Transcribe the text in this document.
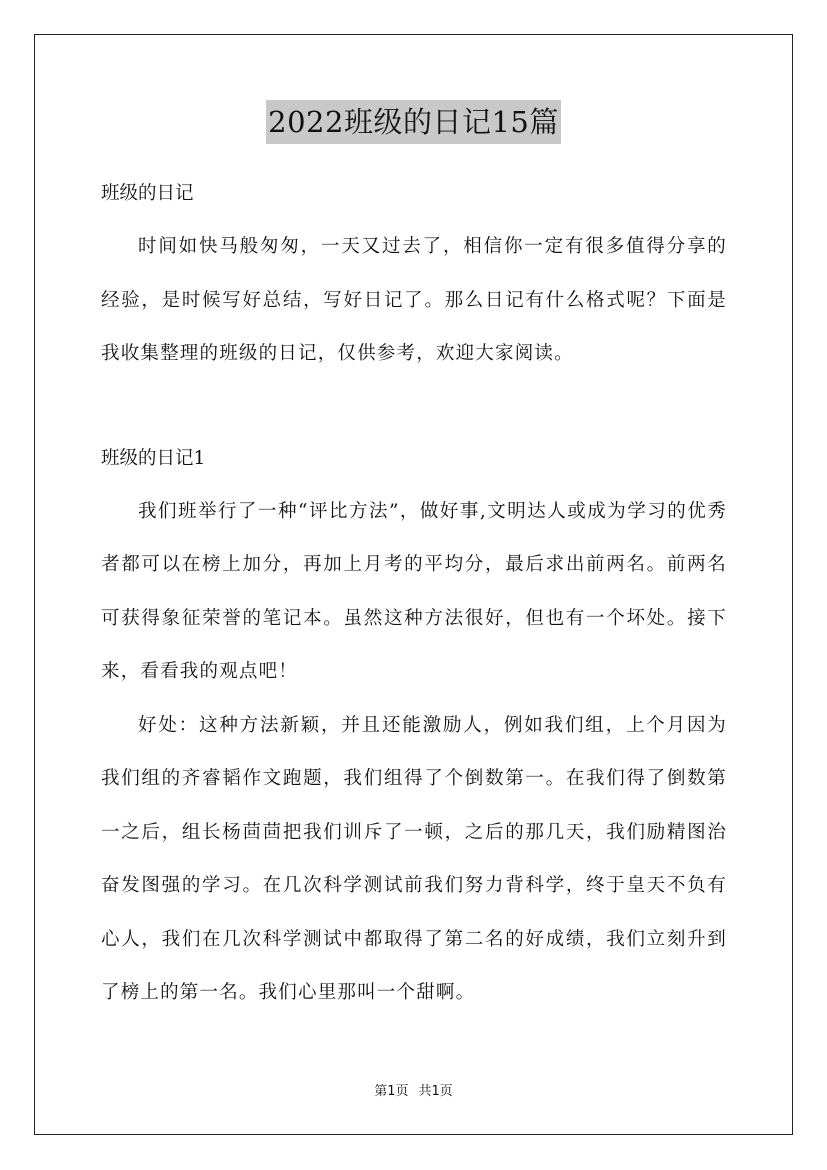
2022班级的日记15篇

班级的日记

时间如快马般匆匆，一天又过去了，相信你一定有很多值得分享的经验，是时候写好总结，写好日记了。那么日记有什么格式呢？下面是我收集整理的班级的日记，仅供参考，欢迎大家阅读。

班级的日记1

我们班举行了一种“评比方法”，做好事,文明达人或成为学习的优秀者都可以在榜上加分，再加上月考的平均分，最后求出前两名。前两名可获得象征荣誉的笔记本。虽然这种方法很好，但也有一个坏处。接下来，看看我的观点吧！

好处：这种方法新颖，并且还能激励人，例如我们组，上个月因为我们组的齐睿韬作文跑题，我们组得了个倒数第一。在我们得了倒数第一之后，组长杨茴茴把我们训斥了一顿，之后的那几天，我们励精图治奋发图强的学习。在几次科学测试前我们努力背科学，终于皇天不负有心人，我们在几次科学测试中都取得了第二名的好成绩，我们立刻升到了榜上的第一名。我们心里那叫一个甜啊。

第1页 共1页
